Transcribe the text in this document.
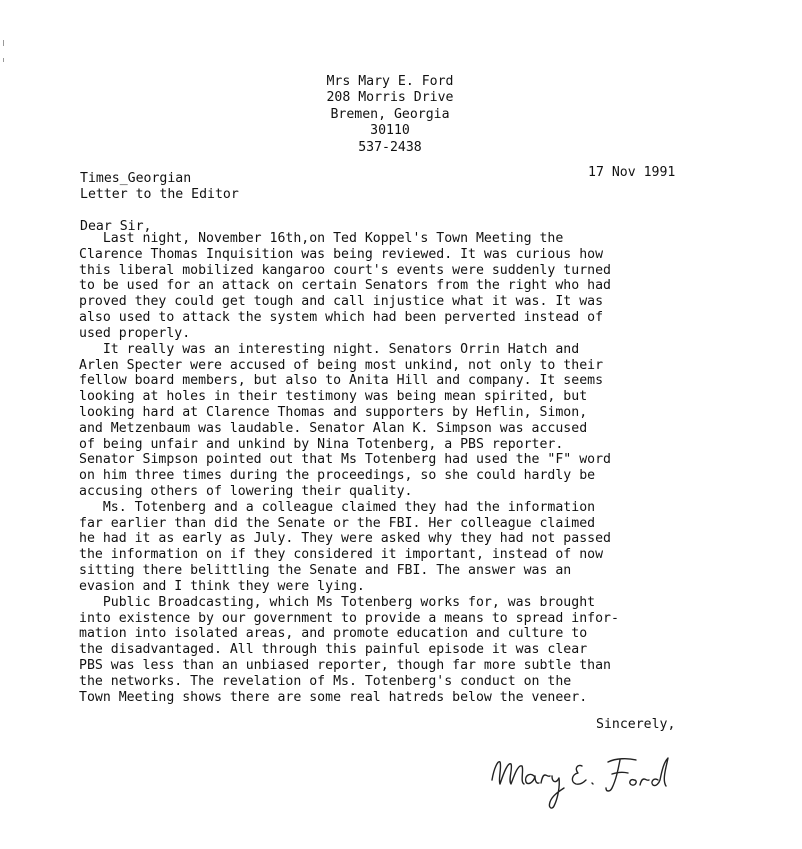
Mrs Mary E. Ford
208 Morris Drive
Bremen, Georgia
30110
537-2438
17 Nov 1991
Times_Georgian
Letter to the Editor
Dear Sir,
Last night, November 16th,on Ted Koppel's Town Meeting the
Clarence Thomas Inquisition was being reviewed. It was curious how
this liberal mobilized kangaroo court's events were suddenly turned
to be used for an attack on certain Senators from the right who had
proved they could get tough and call injustice what it was. It was
also used to attack the system which had been perverted instead of
used properly.
It really was an interesting night. Senators Orrin Hatch and
Arlen Specter were accused of being most unkind, not only to their
fellow board members, but also to Anita Hill and company. It seems
looking at holes in their testimony was being mean spirited, but
looking hard at Clarence Thomas and supporters by Heflin, Simon,
and Metzenbaum was laudable. Senator Alan K. Simpson was accused
of being unfair and unkind by Nina Totenberg, a PBS reporter.
Senator Simpson pointed out that Ms Totenberg had used the "F" word
on him three times during the proceedings, so she could hardly be
accusing others of lowering their quality.
Ms. Totenberg and a colleague claimed they had the information
far earlier than did the Senate or the FBI. Her colleague claimed
he had it as early as July. They were asked why they had not passed
the information on if they considered it important, instead of now
sitting there belittling the Senate and FBI. The answer was an
evasion and I think they were lying.
Public Broadcasting, which Ms Totenberg works for, was brought
into existence by our government to provide a means to spread infor-
mation into isolated areas, and promote education and culture to
the disadvantaged. All through this painful episode it was clear
PBS was less than an unbiased reporter, though far more subtle than
the networks. The revelation of Ms. Totenberg's conduct on the
Town Meeting shows there are some real hatreds below the veneer.
Sincerely,
